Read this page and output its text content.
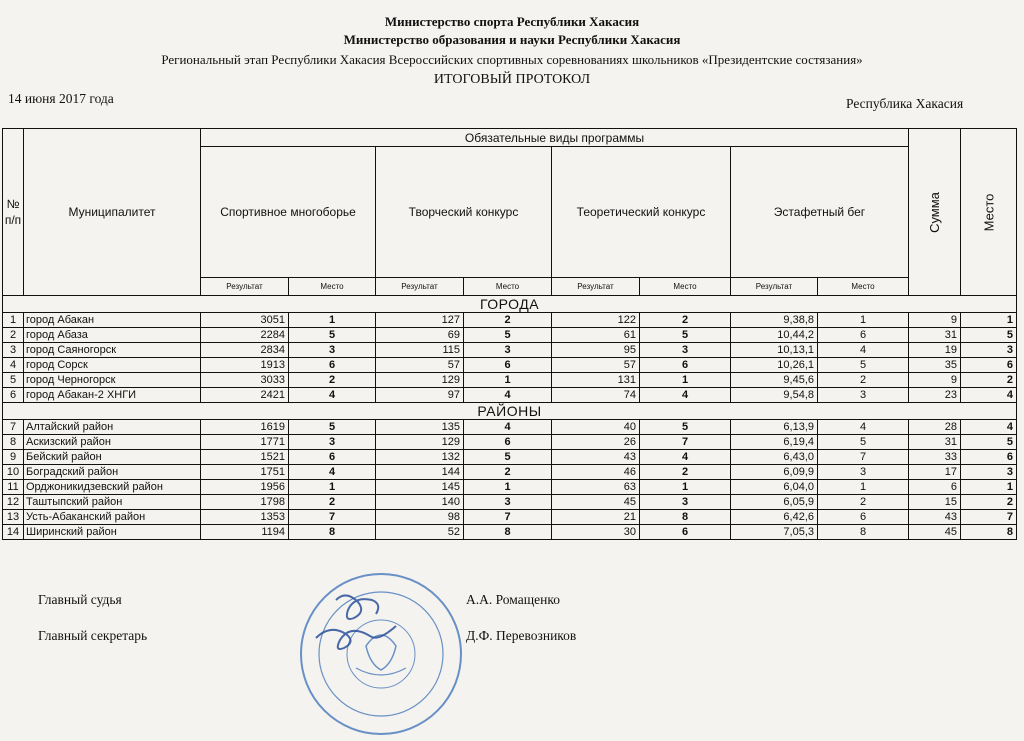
Министерство спорта Республики Хакасия
Министерство образования и науки Республики Хакасия
Региональный этап Республики Хакасия Всероссийских спортивных соревнованиях школьников «Президентские состязания»
ИТОГОВЫЙ ПРОТОКОЛ
14 июня 2017 года	Республика Хакасия
№ п/п	Муниципалитет	Обязательные виды программы								Сумма	Место
		Спортивное многоборье		Творческий конкурс		Теоретический конкурс		Эстафетный бег			
		Результат	Место	Результат	Место	Результат	Место	Результат	Место		
ГОРОДА											
1	город Абакан	3051	1	127	2	122	2	9,38,8	1	9	1
2	город Абаза	2284	5	69	5	61	5	10,44,2	6	31	5
3	город Саяногорск	2834	3	115	3	95	3	10,13,1	4	19	3
4	город Сорск	1913	6	57	6	57	6	10,26,1	5	35	6
5	город Черногорск	3033	2	129	1	131	1	9,45,6	2	9	2
6	город Абакан-2 ХНГИ	2421	4	97	4	74	4	9,54,8	3	23	4
РАЙОНЫ											
7	Алтайский район	1619	5	135	4	40	5	6,13,9	4	28	4
8	Аскизский район	1771	3	129	6	26	7	6,19,4	5	31	5
9	Бейский район	1521	6	132	5	43	4	6,43,0	7	33	6
10	Боградский район	1751	4	144	2	46	2	6,09,9	3	17	3
11	Орджоникидзевский район	1956	1	145	1	63	1	6,04,0	1	6	1
12	Таштыпский район	1798	2	140	3	45	3	6,05,9	2	15	2
13	Усть-Абаканский район	1353	7	98	7	21	8	6,42,6	6	43	7
14	Ширинский район	1194	8	52	8	30	6	7,05,3	8	45	8
Главный судья	А.А. Ромащенко
Главный секретарь	Д.Ф. Перевозников
